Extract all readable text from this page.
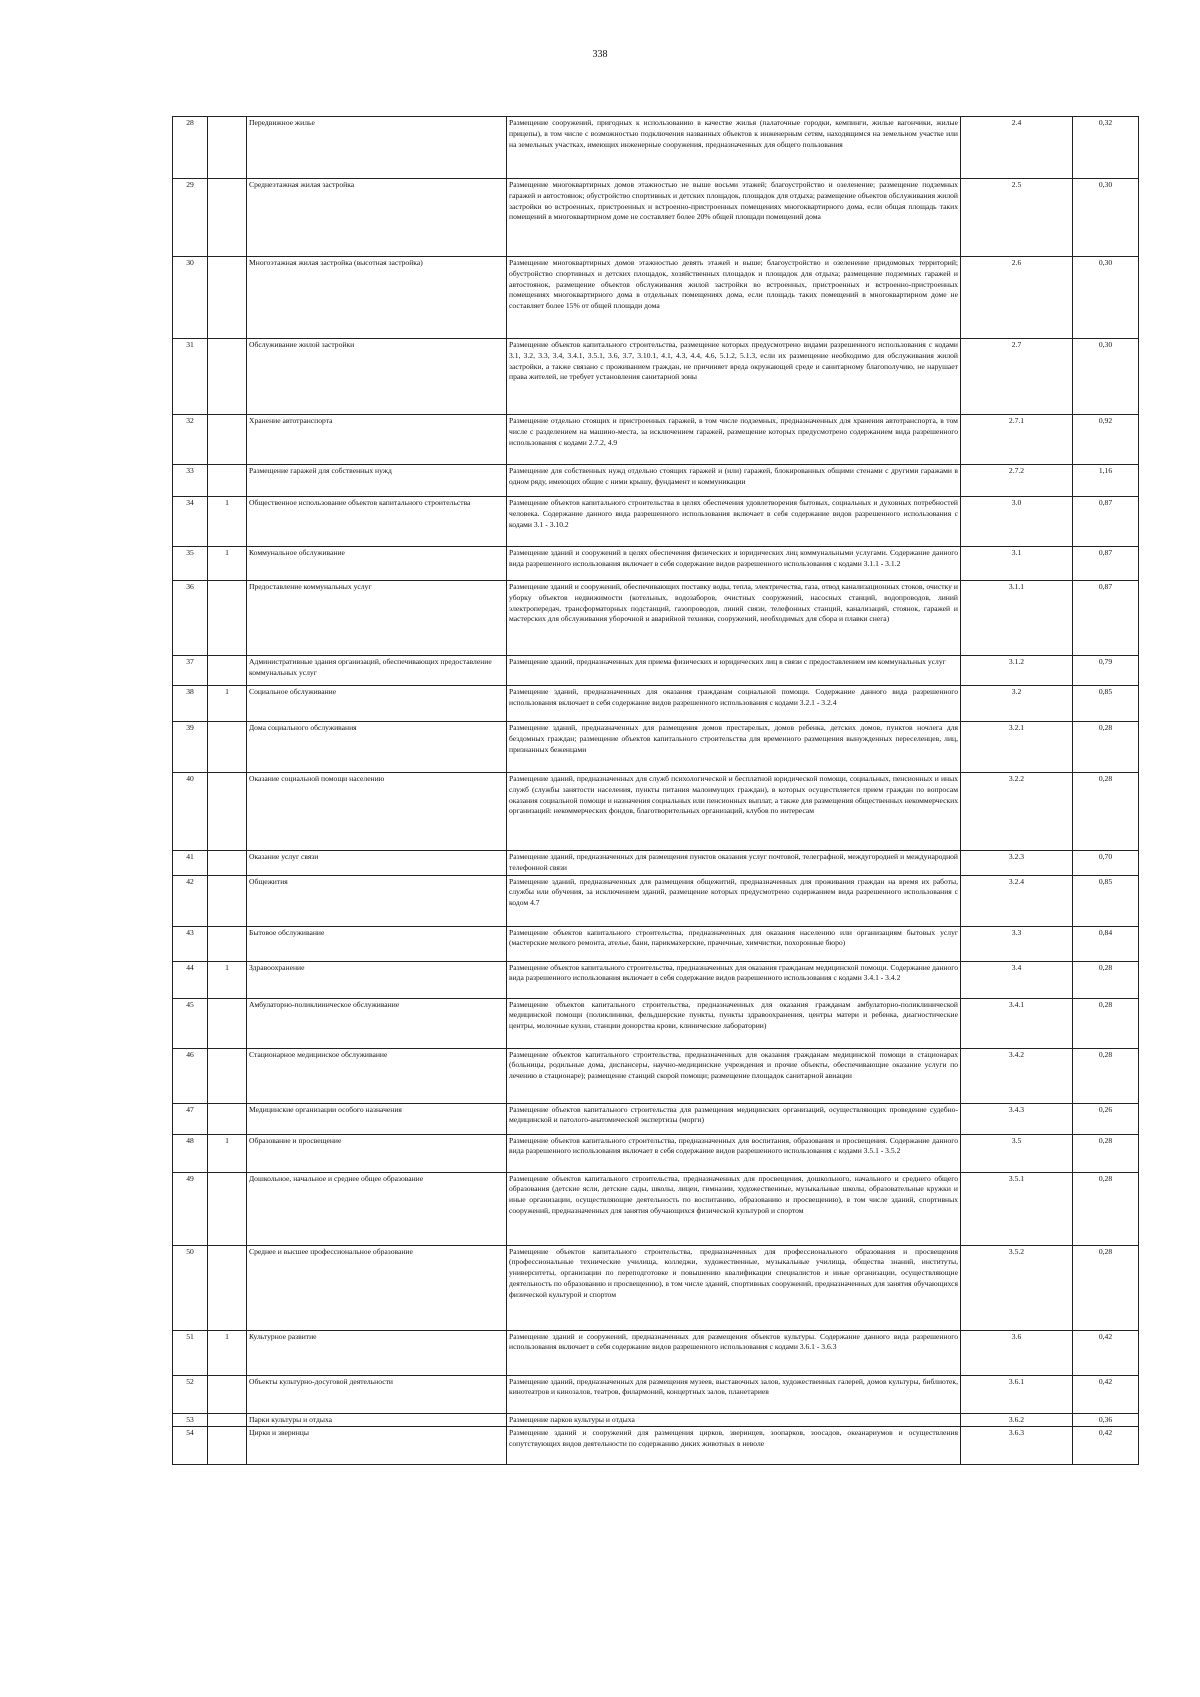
338
28		Передвижное жилье	Размещение сооружений, пригодных к использованию в качестве жилья (палаточные городки, кемпинги, жилые вагончики, жилые прицепы), в том числе с возможностью подключения названных объектов к инженерным сетям, находящимся на земельном участке или на земельных участках, имеющих инженерные сооружения, предназначенных для общего пользования	2.4	0,32
29		Среднеэтажная жилая застройка	Размещение многоквартирных домов этажностью не выше восьми этажей; благоустройство и озеленение; размещение подземных гаражей и автостоянок; обустройство спортивных и детских площадок, площадок для отдыха; размещение объектов обслуживания жилой застройки во встроенных, пристроенных и встроенно-пристроенных помещениях многоквартирного дома, если общая площадь таких помещений в многоквартирном доме не составляет более 20% общей площади помещений дома	2.5	0,30
30		Многоэтажная жилая застройка (высотная застройка)	Размещение многоквартирных домов этажностью девять этажей и выше; благоустройство и озеленение придомовых территорий; обустройство спортивных и детских площадок, хозяйственных площадок и площадок для отдыха; размещение подземных гаражей и автостоянок, размещение объектов обслуживания жилой застройки во встроенных, пристроенных и встроенно-пристроенных помещениях многоквартирного дома в отдельных помещениях дома, если площадь таких помещений в многоквартирном доме не составляет более 15% от общей площади дома	2.6	0,30
31		Обслуживание жилой застройки	Размещение объектов капитального строительства, размещение которых предусмотрено видами разрешенного использования с кодами 3.1, 3.2, 3.3, 3.4, 3.4.1, 3.5.1, 3.6, 3.7, 3.10.1, 4.1, 4.3, 4.4, 4.6, 5.1.2, 5.1.3, если их размещение необходимо для обслуживания жилой застройки, а также связано с проживанием граждан, не причиняет вреда окружающей среде и санитарному благополучию, не нарушает права жителей, не требует установления санитарной зоны	2.7	0,30
32		Хранение автотранспорта	Размещение отдельно стоящих и пристроенных гаражей, в том числе подземных, предназначенных для хранения автотранспорта, в том числе с разделением на машино-места, за исключением гаражей, размещение которых предусмотрено содержанием вида разрешенного использования с кодами 2.7.2, 4.9	2.7.1	0,92
33		Размещение гаражей для собственных нужд	Размещение для собственных нужд отдельно стоящих гаражей и (или) гаражей, блокированных общими стенами с другими гаражами в одном ряду, имеющих общие с ними крышу, фундамент и коммуникации	2.7.2	1,16
34	1	Общественное использование объектов капитального строительства	Размещение объектов капитального строительства в целях обеспечения удовлетворения бытовых, социальных и духовных потребностей человека. Содержание данного вида разрешенного использования включает в себя содержание видов разрешенного использования с кодами 3.1 - 3.10.2	3.0	0,87
35	1	Коммунальное обслуживание	Размещение зданий и сооружений в целях обеспечения физических и юридических лиц коммунальными услугами. Содержание данного вида разрешенного использования включает в себя содержание видов разрешенного использования с кодами 3.1.1 - 3.1.2	3.1	0,87
36		Предоставление коммунальных услуг	Размещение зданий и сооружений, обеспечивающих поставку воды, тепла, электричества, газа, отвод канализационных стоков, очистку и уборку объектов недвижимости (котельных, водозаборов, очистных сооружений, насосных станций, водопроводов, линий электропередач, трансформаторных подстанций, газопроводов, линий связи, телефонных станций, канализаций, стоянок, гаражей и мастерских для обслуживания уборочной и аварийной техники, сооружений, необходимых для сбора и плавки снега)	3.1.1	0,87
37		Административные здания организаций, обеспечивающих предоставление коммунальных услуг	Размещение зданий, предназначенных для приема физических и юридических лиц в связи с предоставлением им коммунальных услуг	3.1.2	0,79
38	1	Социальное обслуживание	Размещение зданий, предназначенных для оказания гражданам социальной помощи. Содержание данного вида разрешенного использования включает в себя содержание видов разрешенного использования с кодами 3.2.1 - 3.2.4	3.2	0,85
39		Дома социального обслуживания	Размещение зданий, предназначенных для размещения домов престарелых, домов ребенка, детских домов, пунктов ночлега для бездомных граждан; размещение объектов капитального строительства для временного размещения вынужденных переселенцев, лиц, признанных беженцами	3.2.1	0,28
40		Оказание социальной помощи населению	Размещение зданий, предназначенных для служб психологической и бесплатной юридической помощи, социальных, пенсионных и иных служб (службы занятости населения, пункты питания малоимущих граждан), в которых осуществляется прием граждан по вопросам оказания социальной помощи и назначения социальных или пенсионных выплат, а также для размещения общественных некоммерческих организаций: некоммерческих фондов, благотворительных организаций, клубов по интересам	3.2.2	0,28
41		Оказание услуг связи	Размещение зданий, предназначенных для размещения пунктов оказания услуг почтовой, телеграфной, междугородней и международной телефонной связи	3.2.3	0,70
42		Общежития	Размещение зданий, предназначенных для размещения общежитий, предназначенных для проживания граждан на время их работы, службы или обучения, за исключением зданий, размещение которых предусмотрено содержанием вида разрешенного использования с кодом 4.7	3.2.4	0,85
43		Бытовое обслуживание	Размещение объектов капитального строительства, предназначенных для оказания населению или организациям бытовых услуг (мастерские мелкого ремонта, ателье, бани, парикмахерские, прачечные, химчистки, похоронные бюро)	3.3	0,84
44	1	Здравоохранение	Размещение объектов капитального строительства, предназначенных для оказания гражданам медицинской помощи. Содержание данного вида разрешенного использования включает в себя содержание видов разрешенного использования с кодами 3.4.1 - 3.4.2	3.4	0,28
45		Амбулаторно-поликлиническое обслуживание	Размещение объектов капитального строительства, предназначенных для оказания гражданам амбулаторно-поликлинической медицинской помощи (поликлиники, фельдшерские пункты, пункты здравоохранения, центры матери и ребенка, диагностические центры, молочные кухни, станции донорства крови, клинические лаборатории)	3.4.1	0,28
46		Стационарное медицинское обслуживание	Размещение объектов капитального строительства, предназначенных для оказания гражданам медицинской помощи в стационарах (больницы, родильные дома, диспансеры, научно-медицинские учреждения и прочие объекты, обеспечивающие оказание услуги по лечению в стационаре); размещение станций скорой помощи; размещение площадок санитарной авиации	3.4.2	0,28
47		Медицинские организации особого назначения	Размещение объектов капитального строительства для размещения медицинских организаций, осуществляющих проведение судебно-медицинской и патолого-анатомической экспертизы (морги)	3.4.3	0,26
48	1	Образование и просвещение	Размещение объектов капитального строительства, предназначенных для воспитания, образования и просвещения. Содержание данного вида разрешенного использования включает в себя содержание видов разрешенного использования с кодами 3.5.1 - 3.5.2	3.5	0,28
49		Дошкольное, начальное и среднее общее образование	Размещение объектов капитального строительства, предназначенных для просвещения, дошкольного, начального и среднего общего образования (детские ясли, детские сады, школы, лицеи, гимназии, художественные, музыкальные школы, образовательные кружки и иные организации, осуществляющие деятельность по воспитанию, образованию и просвещению), в том числе зданий, спортивных сооружений, предназначенных для занятия обучающихся физической культурой и спортом	3.5.1	0,28
50		Среднее и высшее профессиональное образование	Размещение объектов капитального строительства, предназначенных для профессионального образования и просвещения (профессиональные технические училища, колледжи, художественные, музыкальные училища, общества знаний, институты, университеты, организации по переподготовке и повышению квалификации специалистов и иные организации, осуществляющие деятельность по образованию и просвещению), в том числе зданий, спортивных сооружений, предназначенных для занятия обучающихся физической культурой и спортом	3.5.2	0,28
51	1	Культурное развитие	Размещение зданий и сооружений, предназначенных для размещения объектов культуры. Содержание данного вида разрешенного использования включает в себя содержание видов разрешенного использования с кодами 3.6.1 - 3.6.3	3.6	0,42
52		Объекты культурно-досуговой деятельности	Размещение зданий, предназначенных для размещения музеев, выставочных залов, художественных галерей, домов культуры, библиотек, кинотеатров и кинозалов, театров, филармоний, концертных залов, планетариев	3.6.1	0,42
53		Парки культуры и отдыха	Размещение парков культуры и отдыха	3.6.2	0,36
54		Цирки и зверинцы	Размещение зданий и сооружений для размещения цирков, зверинцев, зоопарков, зоосадов, океанариумов и осуществления сопутствующих видов деятельности по содержанию диких животных в неволе	3.6.3	0,42
